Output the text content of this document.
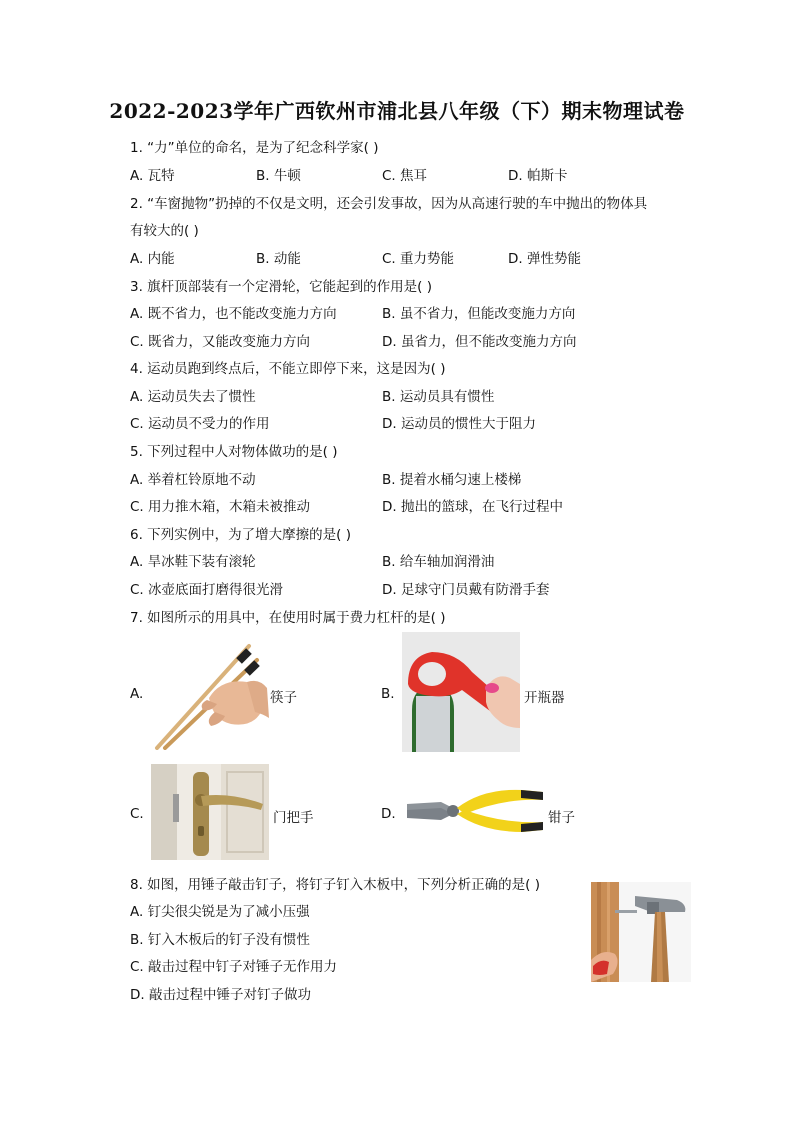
2022-2023学年广西钦州市浦北县八年级（下）期末物理试卷
1. “力”单位的命名，是为了纪念科学家( )
A. 瓦特	B. 牛顿	C. 焦耳	D. 帕斯卡
2. “车窗抛物”扔掉的不仅是文明，还会引发事故，因为从高速行驶的车中抛出的物体具
有较大的( )
A. 内能	B. 动能	C. 重力势能	D. 弹性势能
3. 旗杆顶部装有一个定滑轮，它能起到的作用是( )
A. 既不省力，也不能改变施力方向	B. 虽不省力，但能改变施力方向
C. 既省力，又能改变施力方向	D. 虽省力，但不能改变施力方向
4. 运动员跑到终点后，不能立即停下来，这是因为( )
A. 运动员失去了惯性	B. 运动员具有惯性
C. 运动员不受力的作用	D. 运动员的惯性大于阻力
5. 下列过程中人对物体做功的是( )
A. 举着杠铃原地不动	B. 提着水桶匀速上楼梯
C. 用力推木箱，木箱未被推动	D. 抛出的篮球，在飞行过程中
6. 下列实例中，为了增大摩擦的是( )
A. 旱冰鞋下装有滚轮	B. 给车轴加润滑油
C. 冰壶底面打磨得很光滑	D. 足球守门员戴有防滑手套
7. 如图所示的用具中，在使用时属于费力杠杆的是( )
A.	筷子	B.	开瓶器
C.	门把手	D.	钳子
8. 如图，用锤子敲击钉子，将钉子钉入木板中，下列分析正确的是( )
A. 钉尖很尖锐是为了减小压强
B. 钉入木板后的钉子没有惯性
C. 敲击过程中钉子对锤子无作用力
D. 敲击过程中锤子对钉子做功
